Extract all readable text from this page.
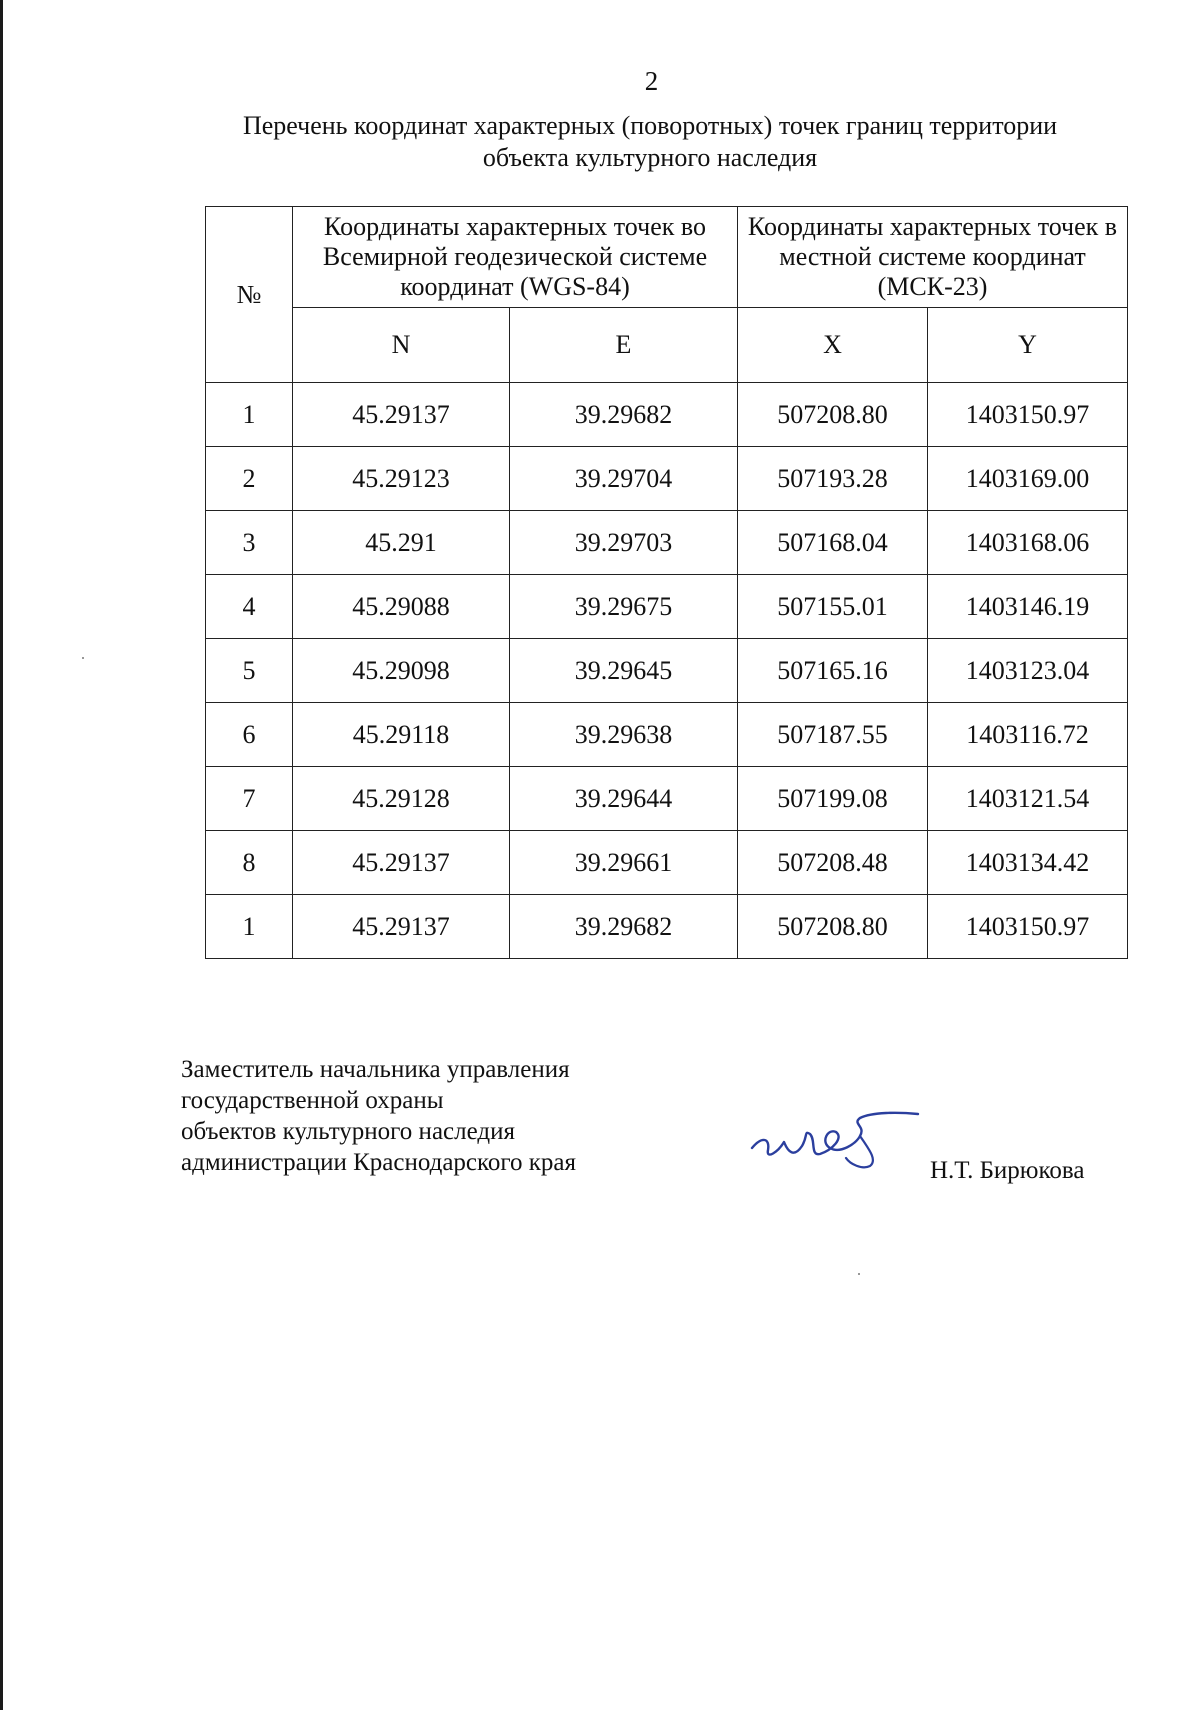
2
Перечень координат характерных (поворотных) точек границ территории
объекта культурного наследия
№	Координаты характерных точек во Всемирной геодезической системе координат (WGS-84)		Координаты характерных точек в местной системе координат (МСК-23)	
	N	E	X	Y
1	45.29137	39.29682	507208.80	1403150.97
2	45.29123	39.29704	507193.28	1403169.00
3	45.291	39.29703	507168.04	1403168.06
4	45.29088	39.29675	507155.01	1403146.19
5	45.29098	39.29645	507165.16	1403123.04
6	45.29118	39.29638	507187.55	1403116.72
7	45.29128	39.29644	507199.08	1403121.54
8	45.29137	39.29661	507208.48	1403134.42
1	45.29137	39.29682	507208.80	1403150.97
Заместитель начальника управления
государственной охраны
объектов культурного наследия
администрации Краснодарского края	Н.Т. Бирюкова
